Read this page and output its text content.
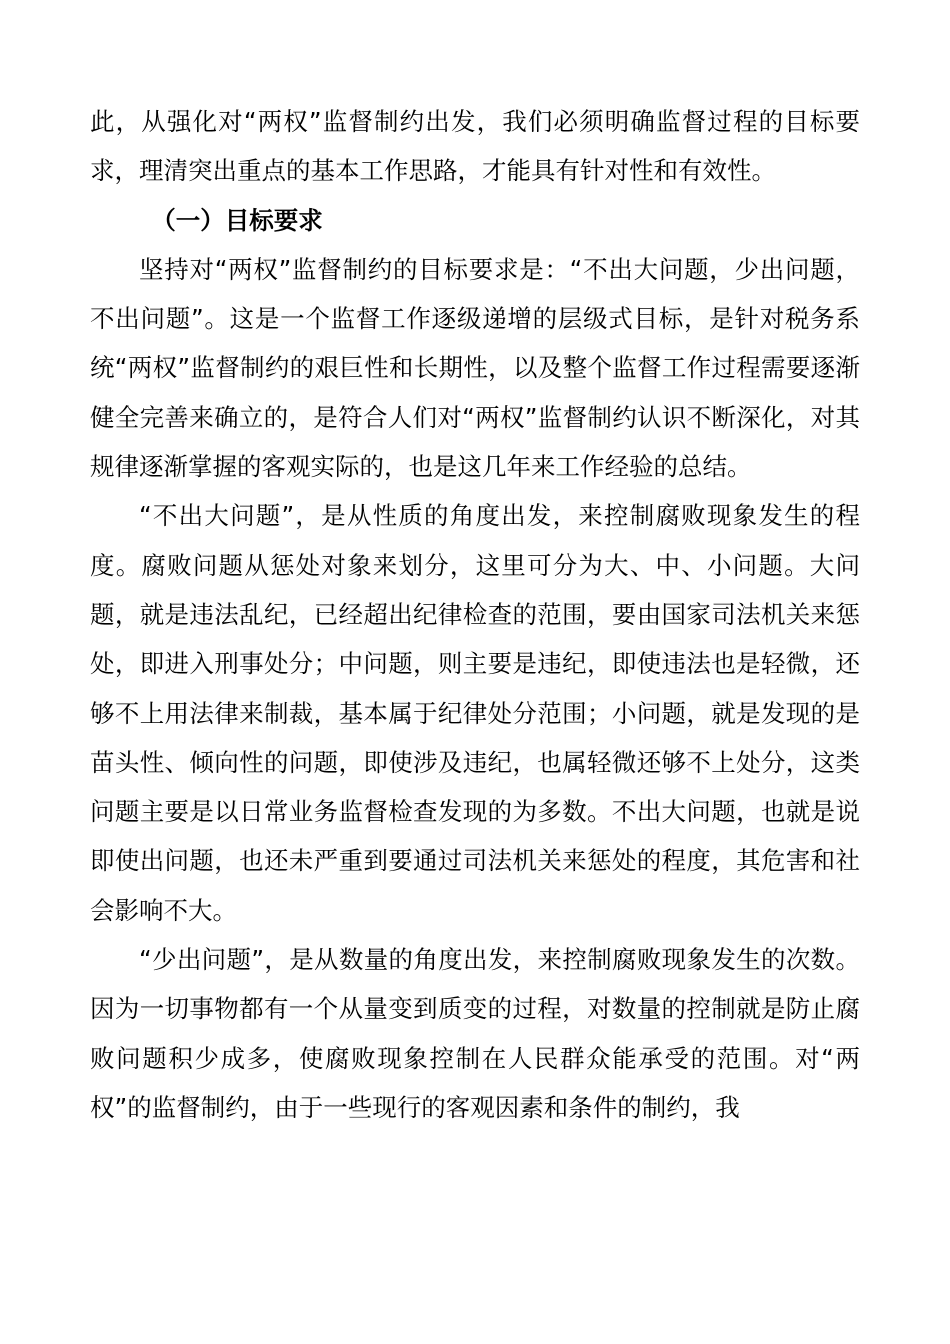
此，从强化对“两权”监督制约出发，我们必须明确监督过程的目标要求，理清突出重点的基本工作思路，才能具有针对性和有效性。

（一）目标要求

坚持对“两权”监督制约的目标要求是：“不出大问题，少出问题，不出问题”。这是一个监督工作逐级递增的层级式目标，是针对税务系统“两权”监督制约的艰巨性和长期性，以及整个监督工作过程需要逐渐健全完善来确立的，是符合人们对“两权”监督制约认识不断深化，对其规律逐渐掌握的客观实际的，也是这几年来工作经验的总结。

“不出大问题”，是从性质的角度出发，来控制腐败现象发生的程度。腐败问题从惩处对象来划分，这里可分为大、中、小问题。大问题，就是违法乱纪，已经超出纪律检查的范围，要由国家司法机关来惩处，即进入刑事处分；中问题，则主要是违纪，即使违法也是轻微，还够不上用法律来制裁，基本属于纪律处分范围；小问题，就是发现的是苗头性、倾向性的问题，即使涉及违纪，也属轻微还够不上处分，这类问题主要是以日常业务监督检查发现的为多数。不出大问题，也就是说即使出问题，也还未严重到要通过司法机关来惩处的程度，其危害和社会影响不大。

“少出问题”，是从数量的角度出发，来控制腐败现象发生的次数。因为一切事物都有一个从量变到质变的过程，对数量的控制就是防止腐败问题积少成多，使腐败现象控制在人民群众能承受的范围。对“两权”的监督制约，由于一些现行的客观因素和条件的制约，我
